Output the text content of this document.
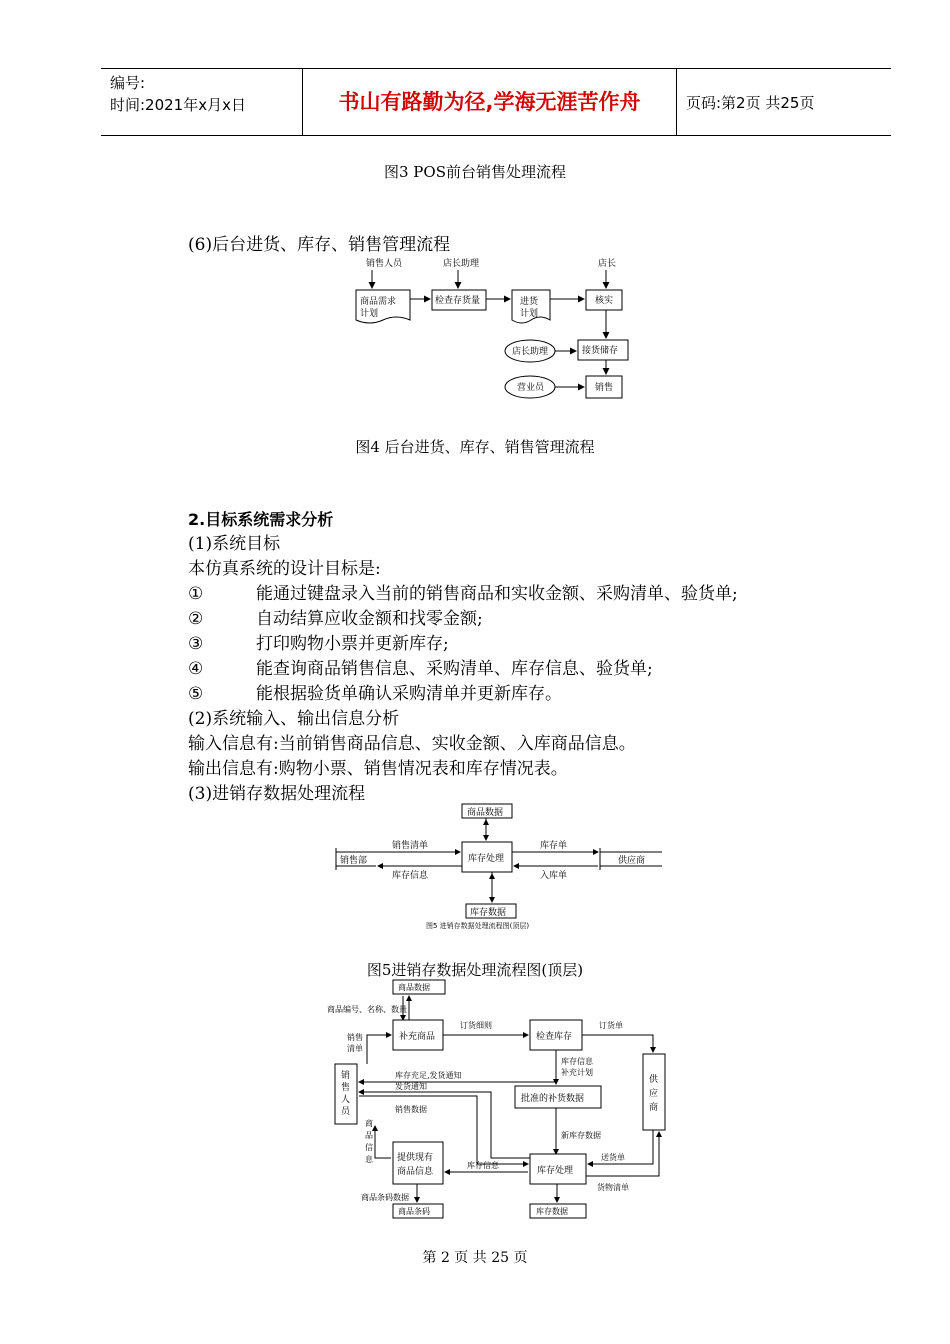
编号:
时间:2021年x月x日	书山有路勤为径,学海无涯苦作舟	页码:第2页 共25页
图3 POS前台销售处理流程
(6)后台进货、库存、销售管理流程
销售人员	店长助理	店长
商品需求
计划
检查存货量	进货
计划
核实
店长助理	接货储存
营业员	销售
图4 后台进货、库存、销售管理流程
2.目标系统需求分析
(1)系统目标
本仿真系统的设计目标是:
①	能通过键盘录入当前的销售商品和实收金额、采购清单、验货单;
②	自动结算应收金额和找零金额;
③	打印购物小票并更新库存;
④	能查询商品销售信息、采购清单、库存信息、验货单;
⑤	能根据验货单确认采购清单并更新库存。
(2)系统输入、输出信息分析
输入信息有:当前销售商品信息、实收金额、入库商品信息。
输出信息有:购物小票、销售情况表和库存情况表。
(3)进销存数据处理流程
商品数据
库存处理
销售部
销售清单
库存信息
供应商
库存单
入库单
库存数据
图5 进销存数据处理流程图(顶层)
图5进销存数据处理流程图(顶层)
商品数据
商品编号、名称、数量
补充商品
订货细则
检查库存
订货单
销
售
人
员
销售
清单
库存充足,发货通知
发货通知
库存信息
补充计划
批准的补货数据
新库存数据
销售数据
商
品
信
息
供
应
商
提供现有
商品信息
库存信息
库存处理
送货单
货物清单
商品条码数据
商品条码	库存数据
第 2 页 共 25 页
